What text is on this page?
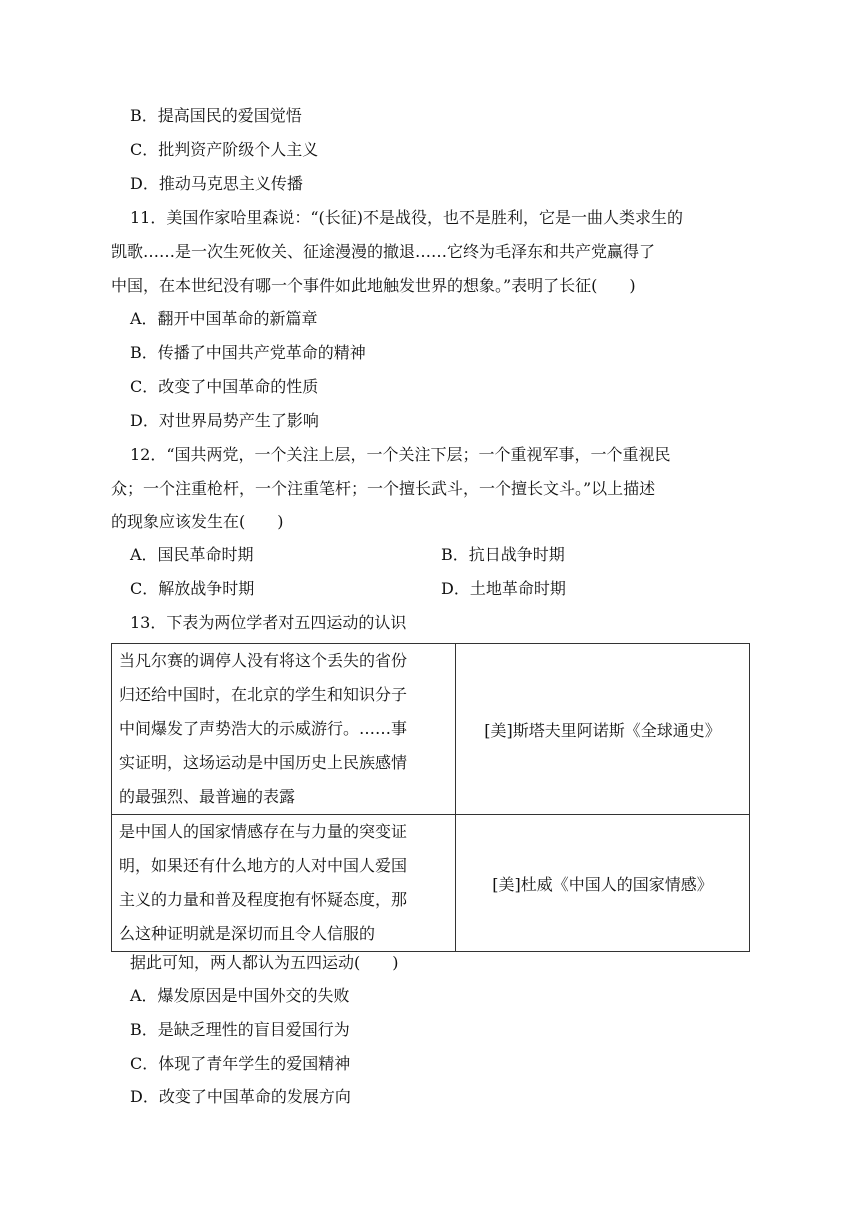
B．提高国民的爱国觉悟
C．批判资产阶级个人主义
D．推动马克思主义传播
11．美国作家哈里森说：“(长征)不是战役，也不是胜利，它是一曲人类求生的
凯歌……是一次生死攸关、征途漫漫的撤退……它终为毛泽东和共产党赢得了
中国，在本世纪没有哪一个事件如此地触发世界的想象。”表明了长征(　　)
A．翻开中国革命的新篇章
B．传播了中国共产党革命的精神
C．改变了中国革命的性质
D．对世界局势产生了影响
12．“国共两党，一个关注上层，一个关注下层；一个重视军事，一个重视民
众；一个注重枪杆，一个注重笔杆；一个擅长武斗，一个擅长文斗。”以上描述
的现象应该发生在(　　)
A．国民革命时期	B．抗日战争时期
C．解放战争时期	D．土地革命时期
13．下表为两位学者对五四运动的认识
当凡尔赛的调停人没有将这个丢失的省份
归还给中国时，在北京的学生和知识分子
中间爆发了声势浩大的示威游行。……事
实证明，这场运动是中国历史上民族感情
的最强烈、最普遍的表露	[美]斯塔夫里阿诺斯《全球通史》

是中国人的国家情感存在与力量的突变证
明，如果还有什么地方的人对中国人爱国
主义的力量和普及程度抱有怀疑态度，那
么这种证明就是深切而且令人信服的	[美]杜威《中国人的国家情感》
据此可知，两人都认为五四运动(　　)
A．爆发原因是中国外交的失败
B．是缺乏理性的盲目爱国行为
C．体现了青年学生的爱国精神
D．改变了中国革命的发展方向
